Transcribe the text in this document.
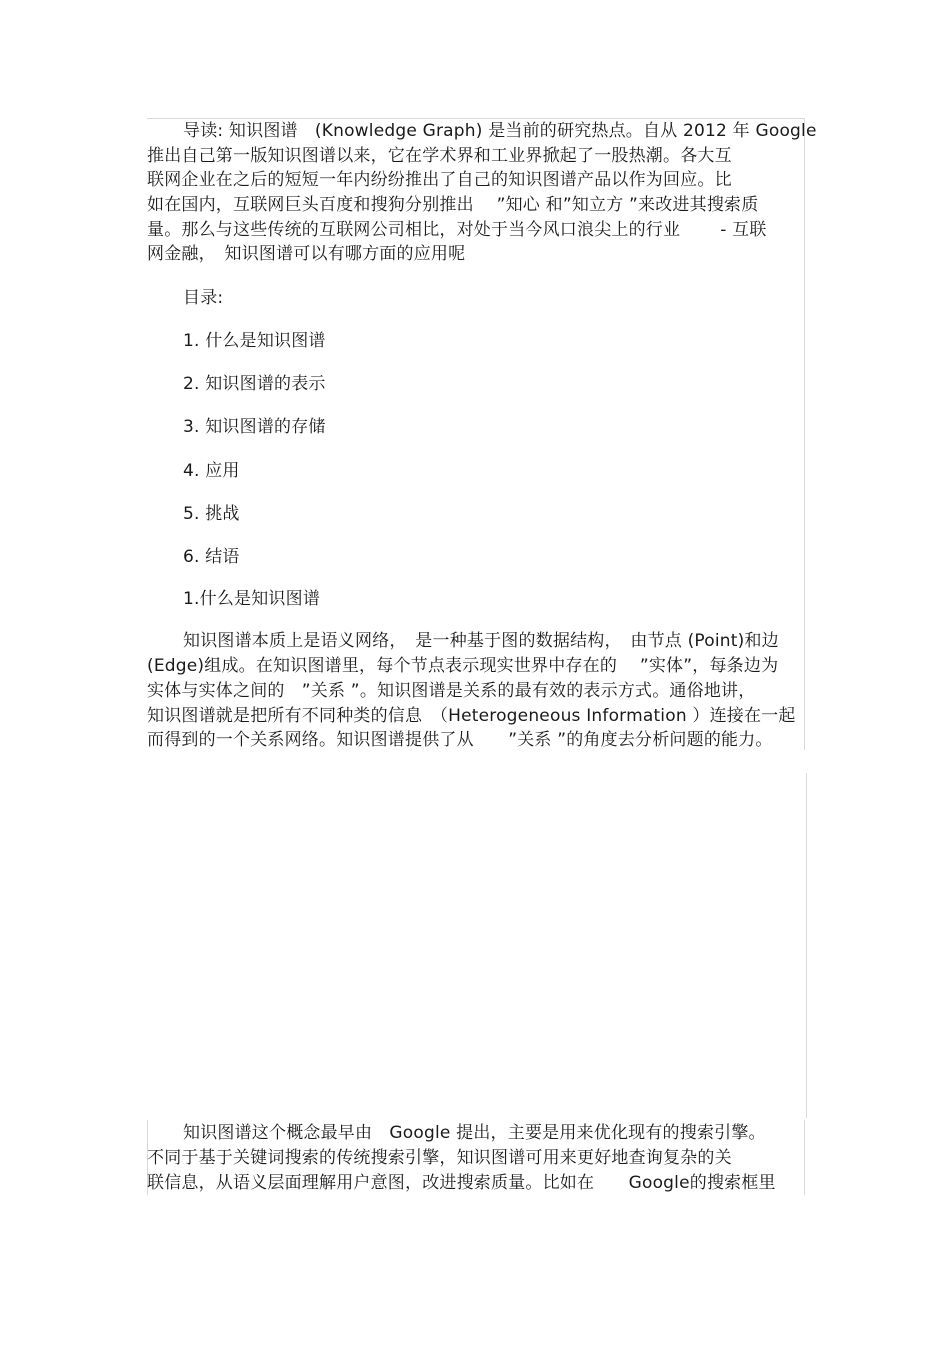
导读: 知识图谱　(Knowledge Graph) 是当前的研究热点。自从 2012 年 Google
推出自己第一版知识图谱以来，它在学术界和工业界掀起了一股热潮。各大互
联网企业在之后的短短一年内纷纷推出了自己的知识图谱产品以作为回应。比
如在国内，互联网巨头百度和搜狗分别推出　 ”知心 和”知立方 ”来改进其搜索质
量。那么与这些传统的互联网公司相比，对处于当今风口浪尖上的行业　　 - 互联
网金融，　知识图谱可以有哪方面的应用呢
目录:
1. 什么是知识图谱
2. 知识图谱的表示
3. 知识图谱的存储
4. 应用
5. 挑战
6. 结语
1.什么是知识图谱
知识图谱本质上是语义网络，　是一种基于图的数据结构，　由节点 (Point)和边
(Edge)组成。在知识图谱里，每个节点表示现实世界中存在的　 ”实体”，每条边为
实体与实体之间的　”关系 ”。知识图谱是关系的最有效的表示方式。通俗地讲，
知识图谱就是把所有不同种类的信息　（Heterogeneous Information ）连接在一起
而得到的一个关系网络。知识图谱提供了从　　”关系 ”的角度去分析问题的能力。
知识图谱这个概念最早由　Google 提出，主要是用来优化现有的搜索引擎。
不同于基于关键词搜索的传统搜索引擎，知识图谱可用来更好地查询复杂的关
联信息，从语义层面理解用户意图，改进搜索质量。比如在　　Google的搜索框里
